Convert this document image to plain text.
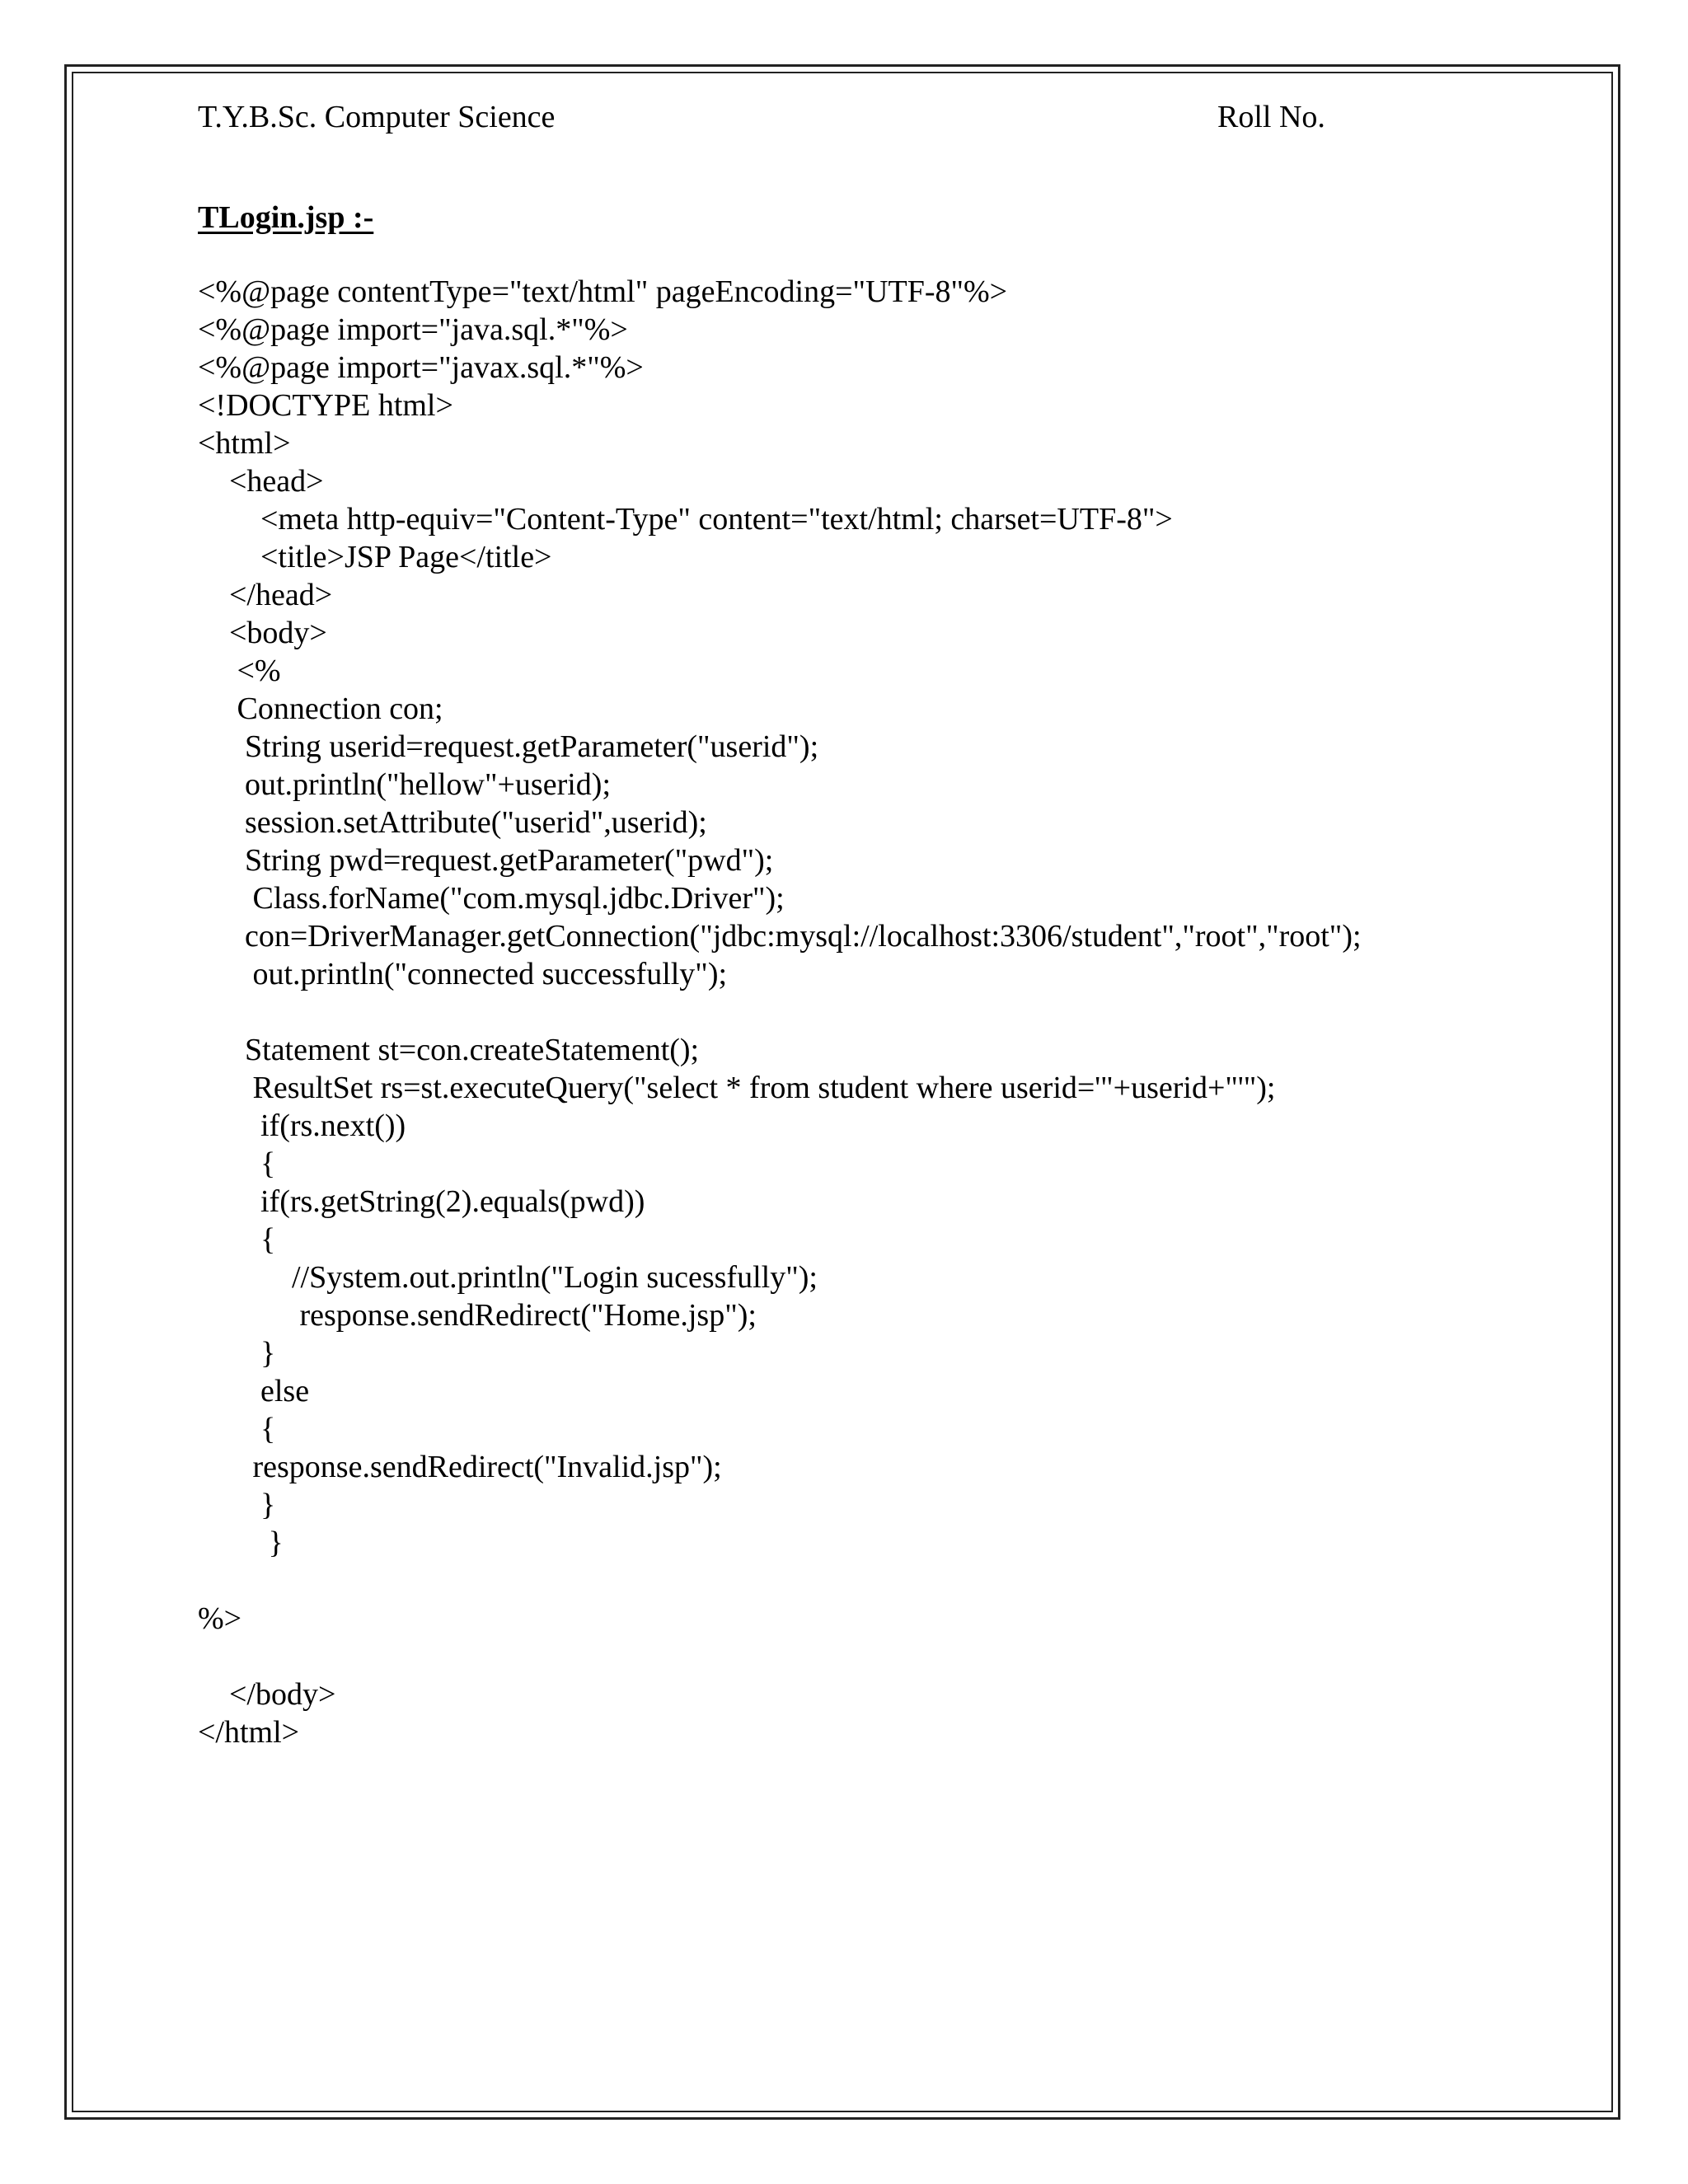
T.Y.B.Sc. Computer Science	Roll No.
TLogin.jsp :-
<%@page contentType="text/html" pageEncoding="UTF-8"%>
<%@page import="java.sql.*"%>
<%@page import="javax.sql.*"%>
<!DOCTYPE html>
<html>
<head>
<meta http-equiv="Content-Type" content="text/html; charset=UTF-8">
<title>JSP Page</title>
</head>
<body>
<%
Connection con;
String userid=request.getParameter("userid");
out.println("hellow"+userid);
session.setAttribute("userid",userid);
String pwd=request.getParameter("pwd");
Class.forName("com.mysql.jdbc.Driver");
con=DriverManager.getConnection("jdbc:mysql://localhost:3306/student","root","root");
out.println("connected successfully");
Statement st=con.createStatement();
ResultSet rs=st.executeQuery("select * from student where userid='"+userid+"'");
if(rs.next())
{
if(rs.getString(2).equals(pwd))
{
//System.out.println("Login sucessfully");
response.sendRedirect("Home.jsp");
}
else
{
response.sendRedirect("Invalid.jsp");
}
}
%>
</body>
</html>
